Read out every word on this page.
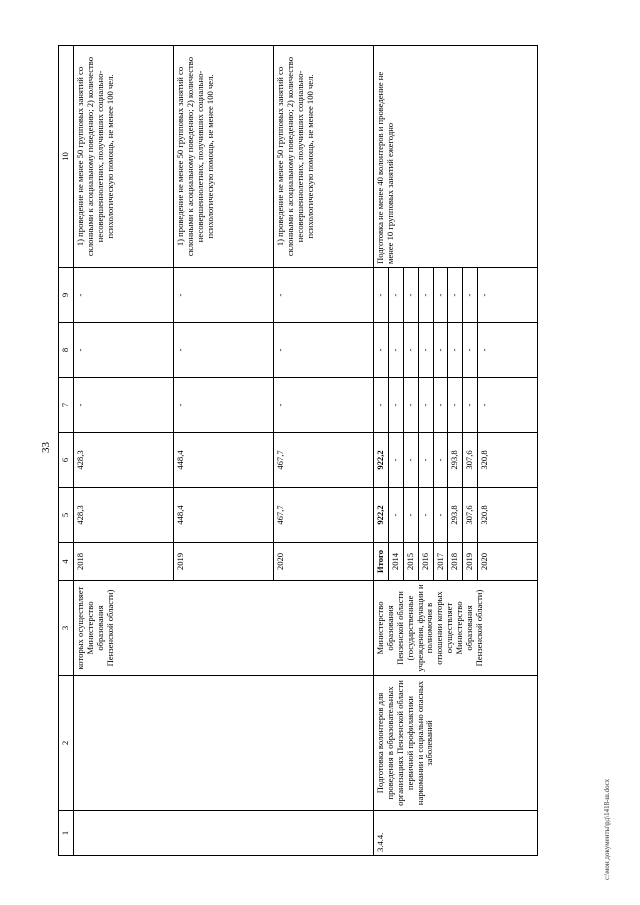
33
1	2	3	4	5	6	7	8	9	10
		которых осуществляет Министерство образования Пензенской области)	2018	428,3	428,3	-	-	-	1) проведение не менее 50 групповых занятий со склонными к асоциальному поведению; 2) количество несовершеннолетних, получивших социально-психологическую помощь, не менее 100 чел.
			2019	448,4	448,4	-	-	-	1) проведение не менее 50 групповых занятий со склонными к асоциальному поведению; 2) количество несовершеннолетних, получивших социально-психологическую помощь, не менее 100 чел.
			2020	467,7	467,7	-	-	-	1) проведение не менее 50 групповых занятий со склонными к асоциальному поведению; 2) количество несовершеннолетних, получивших социально-психологическую помощь, не менее 100 чел.
3.4.4.	Подготовка волонтеров для проведения в образовательных организациях Пензенской области первичной профилактики наркомании и социально опасных заболеваний	Министерство образования Пензенской области (государственные учреждения, функции и полномочия в отношении которых осуществляет Министерство образования Пензенской области)	Итого	922,2	922,2	-	-	-	Подготовка не менее 40 волонтеров и проведение не менее 10 групповых занятий ежегодно
			2014	-	-	-	-	-	
			2015	-	-	-	-	-	
			2016	-	-	-	-	-	
			2017	-	-	-	-	-	
			2018	293,8	293,8	-	-	-	
			2019	307,6	307,6	-	-	-	
			2020	320,8	320,8	-	-	-	
c:\мои документы\рд\1418-ш.docx
